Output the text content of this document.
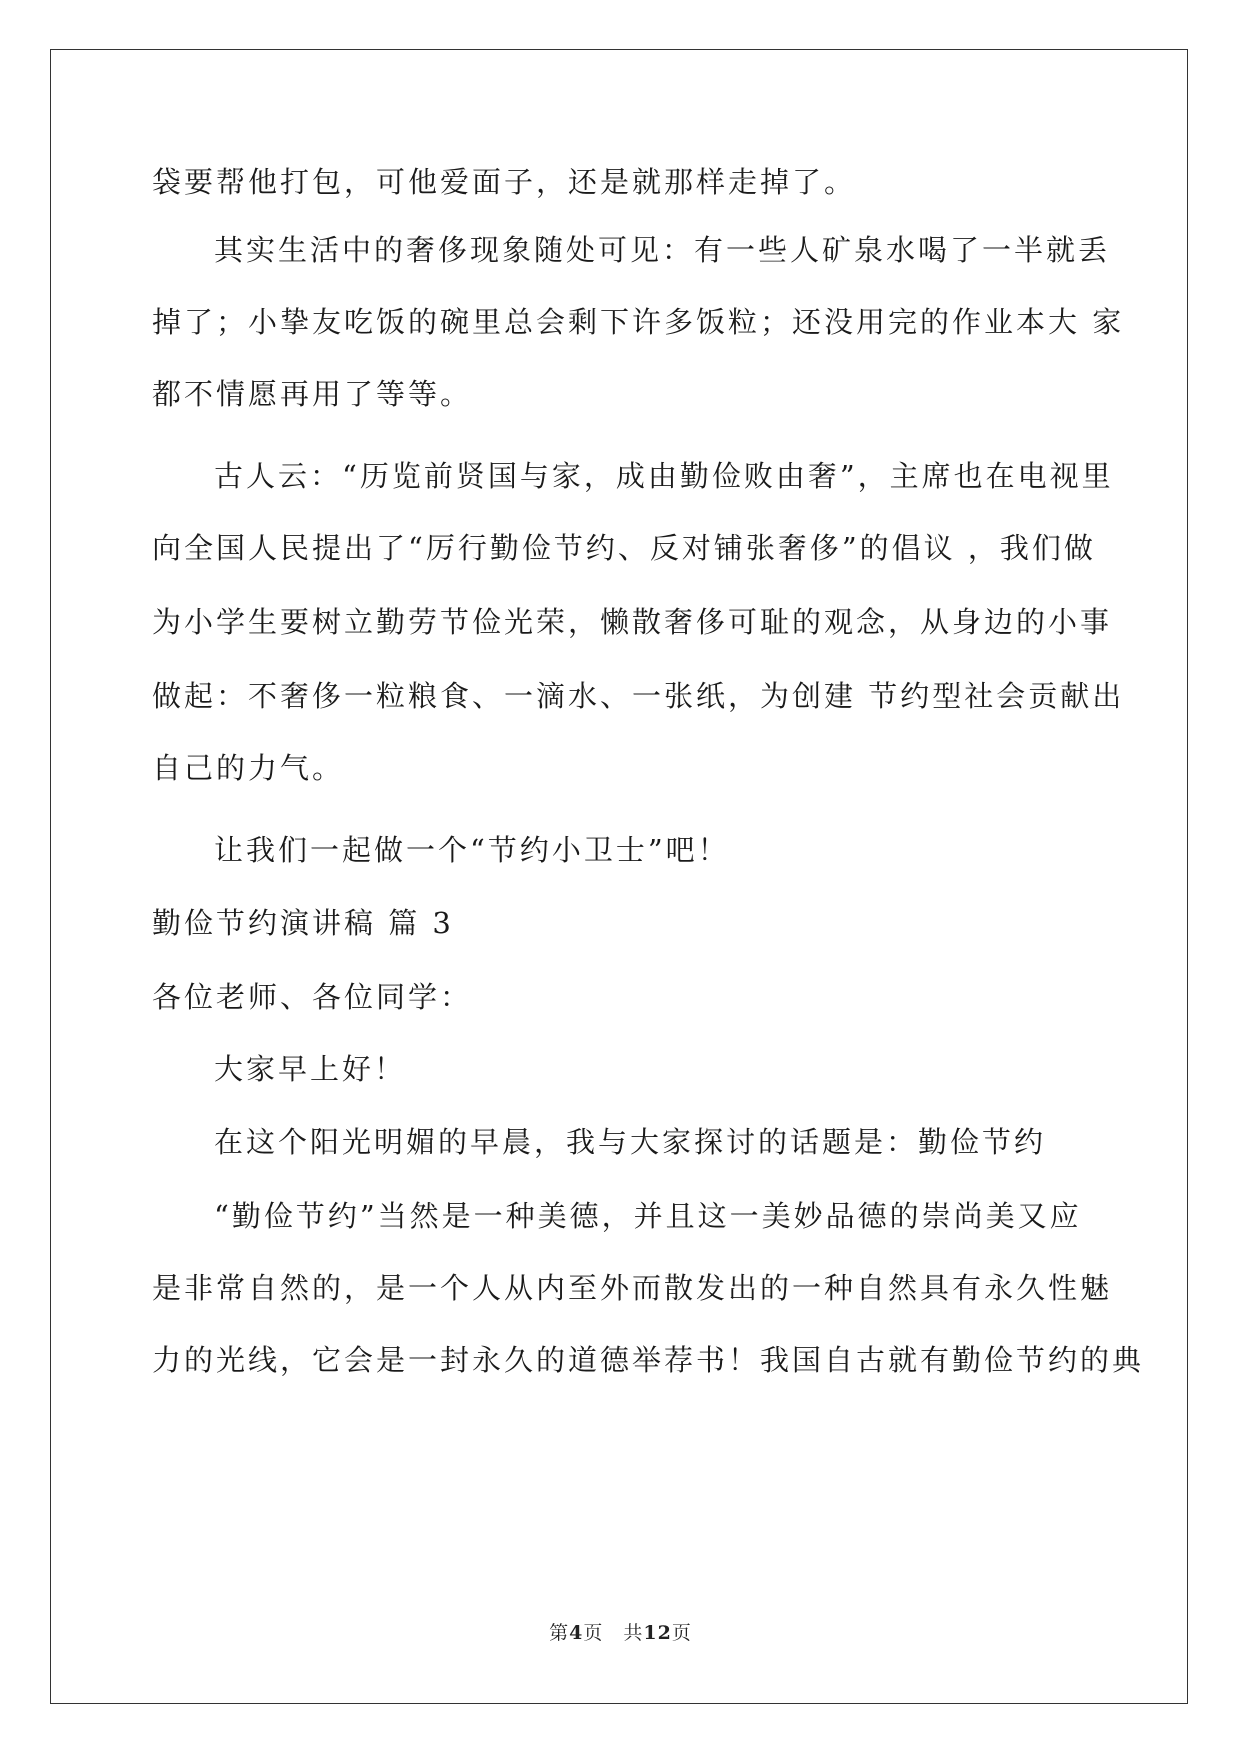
袋要帮他打包，可他爱面子，还是就那样走掉了。
其实生活中的奢侈现象随处可见：有一些人矿泉水喝了一半就丢
掉了；小挚友吃饭的碗里总会剩下许多饭粒；还没用完的作业本大 家
都不情愿再用了等等。
古人云：“历览前贤国与家，成由勤俭败由奢”，主席也在电视里
向全国人民提出了“厉行勤俭节约、反对铺张奢侈”的倡议 ，我们做
为小学生要树立勤劳节俭光荣，懒散奢侈可耻的观念，从身边的小事
做起：不奢侈一粒粮食、一滴水、一张纸，为创建 节约型社会贡献出
自己的力气。
让我们一起做一个“节约小卫士”吧！
勤俭节约演讲稿 篇 3
各位老师、各位同学：
大家早上好！
在这个阳光明媚的早晨，我与大家探讨的话题是：勤俭节约
“勤俭节约”当然是一种美德，并且这一美妙品德的崇尚美又应
是非常自然的，是一个人从内至外而散发出的一种自然具有永久性魅
力的光线，它会是一封永久的道德举荐书！我国自古就有勤俭节约的典
第4页　共12页
